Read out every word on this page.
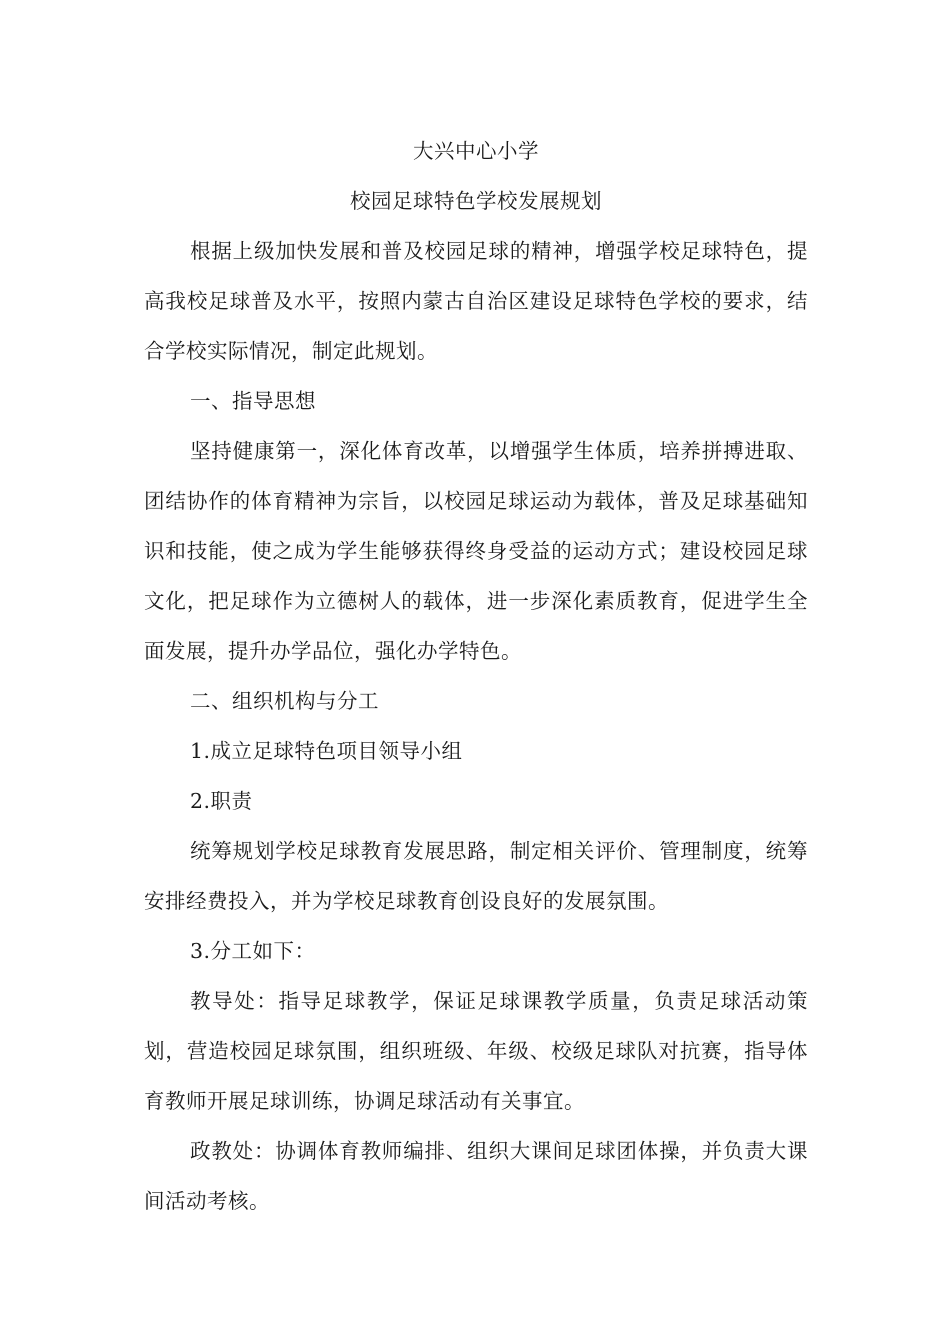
大兴中心小学

校园足球特色学校发展规划

根据上级加快发展和普及校园足球的精神，增强学校足球特色，提高我校足球普及水平，按照内蒙古自治区建设足球特色学校的要求，结合学校实际情况，制定此规划。

一、指导思想

坚持健康第一，深化体育改革，以增强学生体质，培养拼搏进取、团结协作的体育精神为宗旨，以校园足球运动为载体，普及足球基础知识和技能，使之成为学生能够获得终身受益的运动方式；建设校园足球文化，把足球作为立德树人的载体，进一步深化素质教育，促进学生全面发展，提升办学品位，强化办学特色。

二、组织机构与分工

1.成立足球特色项目领导小组

2.职责

统筹规划学校足球教育发展思路，制定相关评价、管理制度，统筹安排经费投入，并为学校足球教育创设良好的发展氛围。

3.分工如下：

教导处：指导足球教学，保证足球课教学质量，负责足球活动策划，营造校园足球氛围，组织班级、年级、校级足球队对抗赛，指导体育教师开展足球训练，协调足球活动有关事宜。

政教处：协调体育教师编排、组织大课间足球团体操，并负责大课间活动考核。
